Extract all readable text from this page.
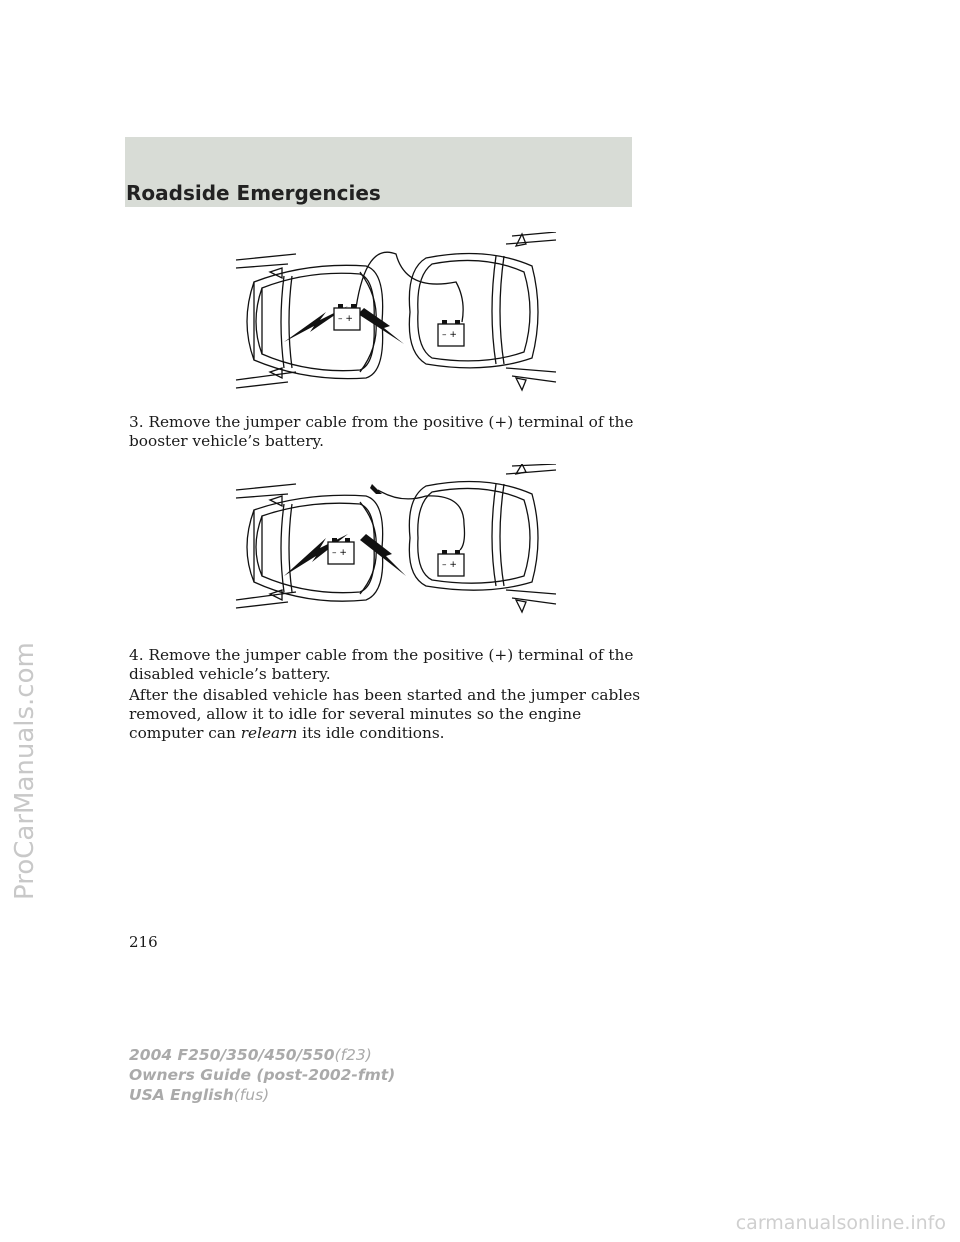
Roadside Emergencies
– +
– +

3. Remove the jumper cable from the positive (+) terminal of the booster vehicle’s battery.

– +
– +

4. Remove the jumper cable from the positive (+) terminal of the disabled vehicle’s battery.

After the disabled vehicle has been started and the jumper cables removed, allow it to idle for several minutes so the engine computer can relearn its idle conditions.

216

2004 F250/350/450/550(f23)
Owners Guide (post-2002-fmt)
USA English(fus)
ProCarManuals.com

carmanualsonline.info
